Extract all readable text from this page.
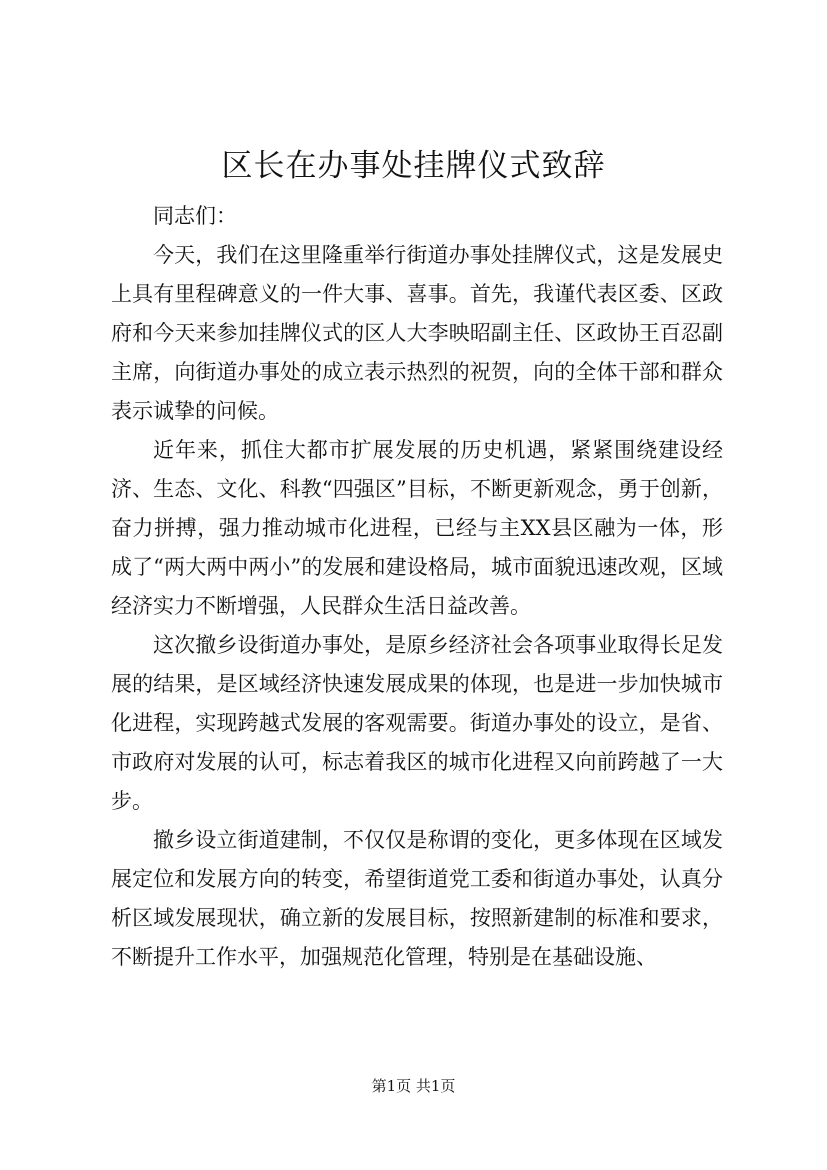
区长在办事处挂牌仪式致辞

同志们：

今天，我们在这里隆重举行街道办事处挂牌仪式，这是发展史上具有里程碑意义的一件大事、喜事。首先，我谨代表区委、区政府和今天来参加挂牌仪式的区人大李映昭副主任、区政协王百忍副主席，向街道办事处的成立表示热烈的祝贺，向的全体干部和群众表示诚挚的问候。

近年来，抓住大都市扩展发展的历史机遇，紧紧围绕建设经济、生态、文化、科教“四强区”目标，不断更新观念，勇于创新，奋力拼搏，强力推动城市化进程，已经与主XX县区融为一体，形成了“两大两中两小”的发展和建设格局，城市面貌迅速改观，区域经济实力不断增强，人民群众生活日益改善。

这次撤乡设街道办事处，是原乡经济社会各项事业取得长足发展的结果，是区域经济快速发展成果的体现，也是进一步加快城市化进程，实现跨越式发展的客观需要。街道办事处的设立，是省、市政府对发展的认可，标志着我区的城市化进程又向前跨越了一大步。

撤乡设立街道建制，不仅仅是称谓的变化，更多体现在区域发展定位和发展方向的转变，希望街道党工委和街道办事处，认真分析区域发展现状，确立新的发展目标，按照新建制的标准和要求，不断提升工作水平，加强规范化管理，特别是在基础设施、

第1页 共1页
